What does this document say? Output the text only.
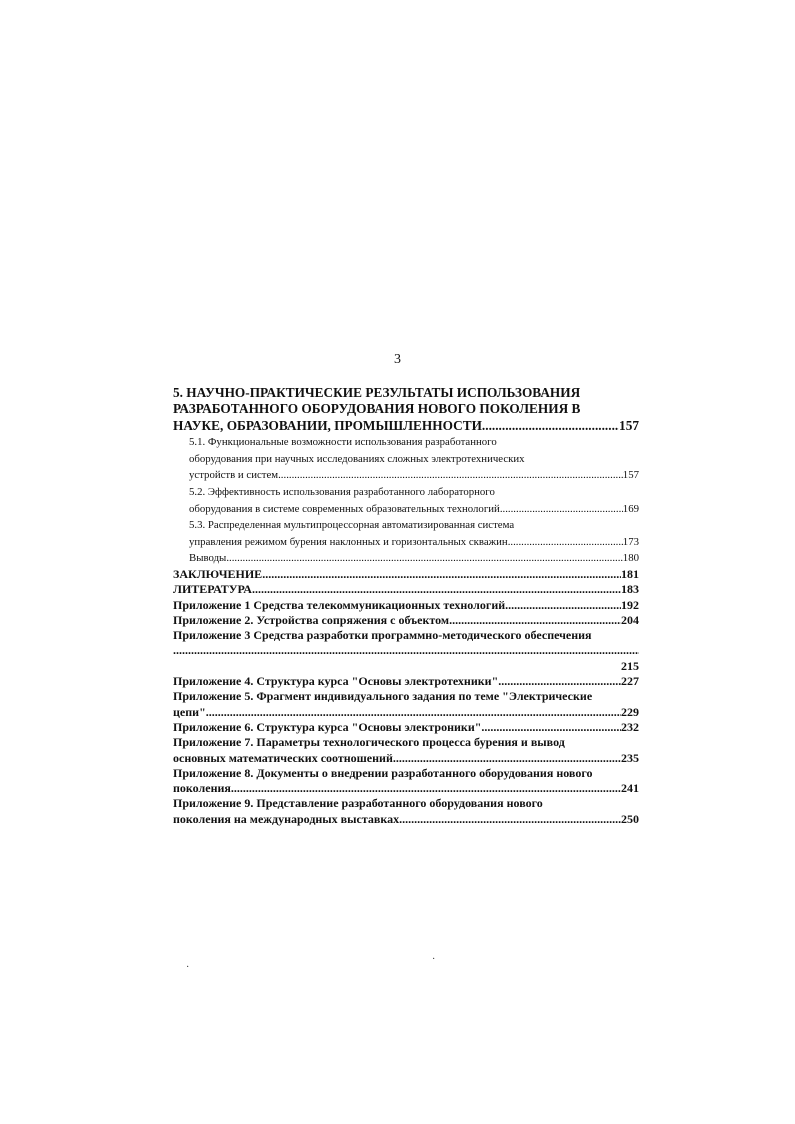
3
5. НАУЧНО-ПРАКТИЧЕСКИЕ РЕЗУЛЬТАТЫ ИСПОЛЬЗОВАНИЯ
РАЗРАБОТАННОГО ОБОРУДОВАНИЯ НОВОГО ПОКОЛЕНИЯ В
НАУКЕ, ОБРАЗОВАНИИ, ПРОМЫШЛЕННОСТИ .....	157
5.1. Функциональные возможности использования разработанного
оборудования при научных исследованиях сложных электротехнических
устройств и систем .....	157
5.2. Эффективность использования разработанного лабораторного
оборудования в системе современных образовательных технологий .....	169
5.3. Распределенная мультипроцессорная автоматизированная система
управления режимом бурения наклонных и горизонтальных скважин .....	173
Выводы .....	180
ЗАКЛЮЧЕНИЕ .....	181
ЛИТЕРАТУРА .....	183
Приложение 1 Средства телекоммуникационных технологий .....	192
Приложение 2. Устройства сопряжения с объектом .....	204
Приложение 3 Средства разработки программно-методического обеспечения
.....
215
Приложение 4. Структура курса "Основы электротехники" .....	227
Приложение 5. Фрагмент индивидуального задания по теме "Электрические
цепи" .....	229
Приложение 6. Структура курса "Основы электроники" .....	232
Приложение 7. Параметры технологического процесса бурения и вывод
основных математических соотношений. .....	235
Приложение 8. Документы о внедрении разработанного оборудования нового
поколения .....	241
Приложение 9. Представление разработанного оборудования нового
поколения на международных выставках .....	250
·
·
